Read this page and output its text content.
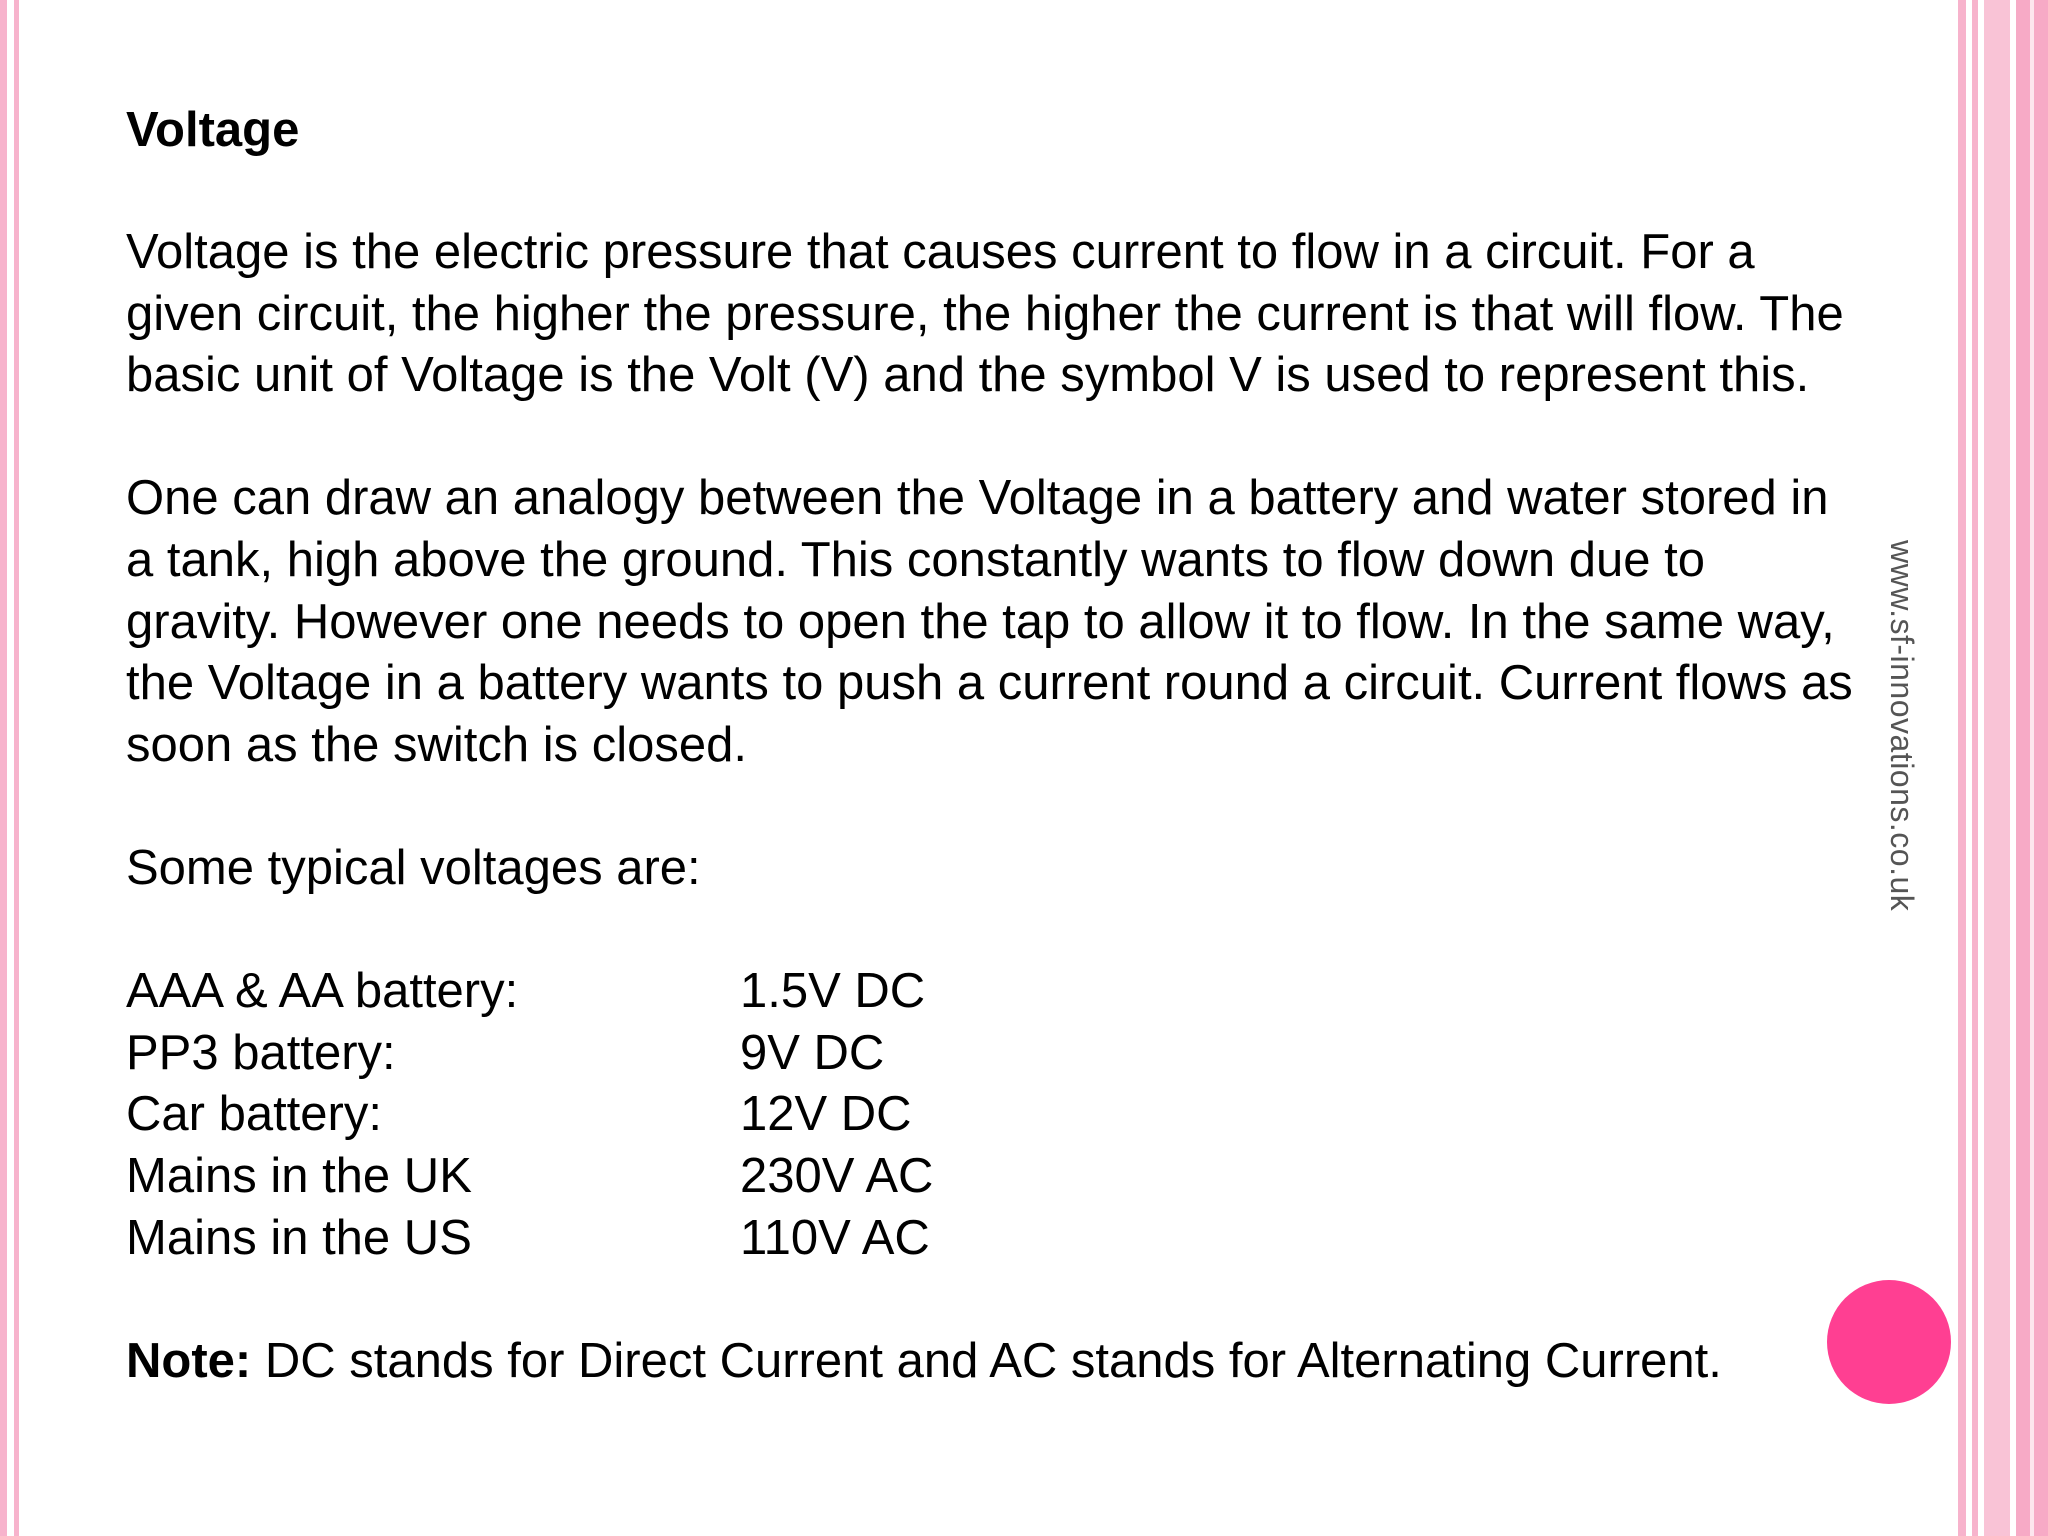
www.sf-innovations.co.uk
Voltage

Voltage is the electric pressure that causes current to flow in a circuit. For a given circuit, the higher the pressure, the higher the current is that will flow. The basic unit of Voltage is the Volt (V) and the symbol V is used to represent this.

One can draw an analogy between the Voltage in a battery and water stored in a tank, high above the ground. This constantly wants to flow down due to gravity. However one needs to open the tap to allow it to flow. In the same way, the Voltage in a battery wants to push a current round a circuit. Current flows as soon as the switch is closed.

Some typical voltages are:

AAA & AA battery:	1.5V DC
PP3 battery:	9V DC
Car battery:	12V DC
Mains in the UK	230V AC
Mains in the US	110V AC

Note: DC stands for Direct Current and AC stands for Alternating Current.
